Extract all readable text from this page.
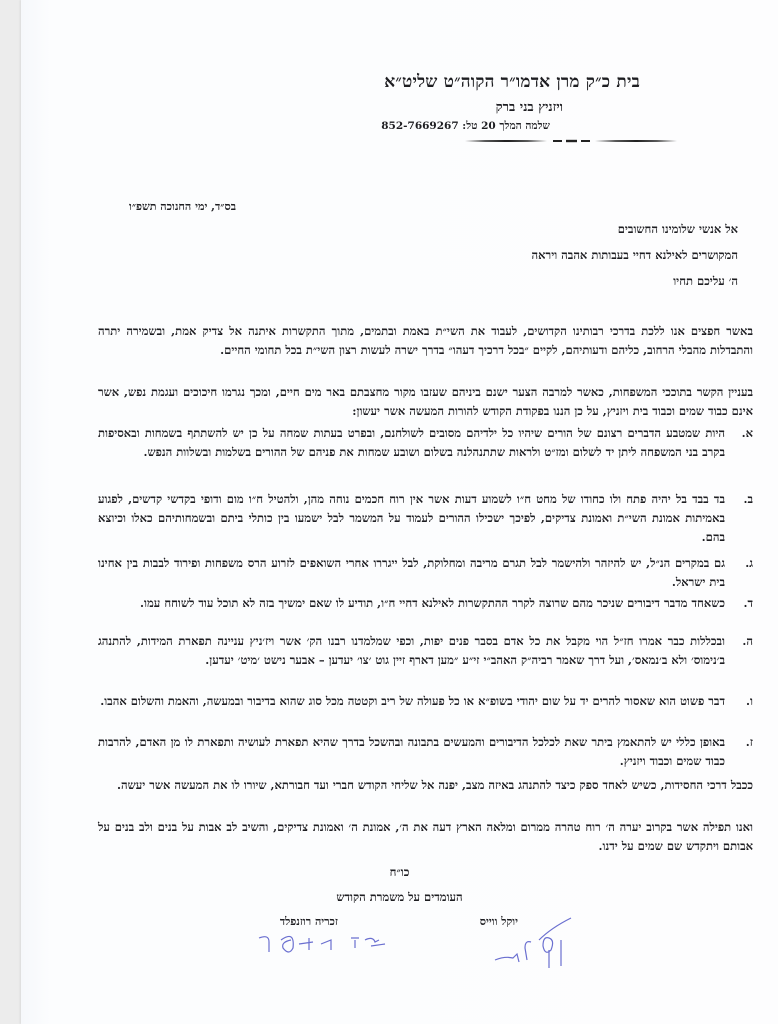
בית כ״ק מרן אדמו״ר הקוה״ט שליט״א
ויזניץ בני ברק
שלמה המלך 20 טל: 852-7669267
בס״ד, ימי החנוכה תשפ״ו
אל אנשי שלומינו החשובים
המקושרים לאילנא דחיי בעבותות אהבה ויראה
ה׳ עליכם תחיו
באשר חפצים אנו ללכת בדרכי רבותינו הקדושים, לעבוד את השי״ת באמת ובתמים, מתוך התקשרות איתנה אל צדיק אמת, ובשמירה יתרה והתבדלות מהבלי הרחוב, כליהם ודעותיהם, לקיים ״בכל דרכיך דעהו״ בדרך ישרה לעשות רצון השי״ת בכל תחומי החיים.
בעניין הקשר בתוככי המשפחות, כאשר למרבה הצער ישנם ביניהם שעזבו מקור מחצבתם באר מים חיים, ומכך נגרמו חיכוכים ועגמת נפש, אשר אינם כבוד שמים וכבוד בית ויזניץ, על כן הננו בפקודת הקודש להורות המעשה אשר יעשון:
א.
היות שמטבע הדברים רצונם של הורים שיהיו כל ילדיהם מסובים לשולחנם, ובפרט בעתות שמחה על כן יש להשתתף בשמחות ובאסיפות בקרב בני המשפחה ליתן יד לשלום ומז״ט ולראות שתתנהלנה בשלום ושובע שמחות את פניהם של ההורים בשלמות ובשלוות הנפש.
ב.
בד בבד בל יהיה פתח ולו כחודו של מחט ח״ו לשמוע דעות אשר אין רוח חכמים נוחה מהן, ולהטיל ח״ו מום ודופי בקדשי קדשים, לפגוע באמיתות אמונת השי״ת ואמונת צדיקים, לפיכך ישכילו ההורים לעמוד על המשמר לבל ישמעו בין כותלי ביתם ובשמחותיהם כאלו וכיוצא בהם.
ג.
גם במקרים הנ״ל, יש להיזהר ולהישמר לבל תגרם מריבה ומחלוקת, לבל ייגררו אחרי השואפים לזרוע הרס משפחות ופירוד לבבות בין אחינו בית ישראל.
ד.
כשאחד מדבר דיבורים שניכר מהם שרוצה לקרר ההתקשרות לאילנא דחיי ח״ו, תודיע לו שאם ימשיך בזה לא תוכל עוד לשוחח עמו.
ה.
ובכללות כבר אמרו חז״ל הוי מקבל את כל אדם בסבר פנים יפות, וכפי שמלמדנו רבנו הק׳ אשר ויז׳ניץ עניינה תפארת המידות, להתנהג ב׳נימוס׳ ולא ב׳נמאס׳, ועל דרך שאמר רביה״ק האהב״י זי״ע ״מען דארף זיין גוט ׳צו׳ יעדען – אבער נישט ׳מיט׳ יעדען.
ו.
דבר פשוט הוא שאסור להרים יד על שום יהודי בשופ״א או כל פעולה של ריב וקטטה מכל סוג שהוא בדיבור ובמעשה, והאמת והשלום אהבו.
ז.
באופן כללי יש להתאמץ ביתר שאת לכלכל הדיבורים והמעשים בתבונה ובהשכל בדרך שהיא תפארת לעושיה ותפארת לו מן האדם, להרבות כבוד שמים וכבוד ויזניץ.
ככבל דרכי החסידות, כשיש לאחד ספק כיצד להתנהג באיזה מצב, יפנה אל שליחי הקודש חברי ועד חבורתא, שיורו לו את המעשה אשר יעשה.
ואנו תפילה אשר בקרוב יערה ה׳ רוח טהרה ממרום ומלאה הארץ דעה את ה׳, אמונת ה׳ ואמונת צדיקים, והשיב לב אבות על בנים ולב בנים על אבותם ויתקדש שם שמים על ידנו.
כו״ח
העומדים על משמרת הקודש
יוקל ווייס
זכריה רוזנפלד
